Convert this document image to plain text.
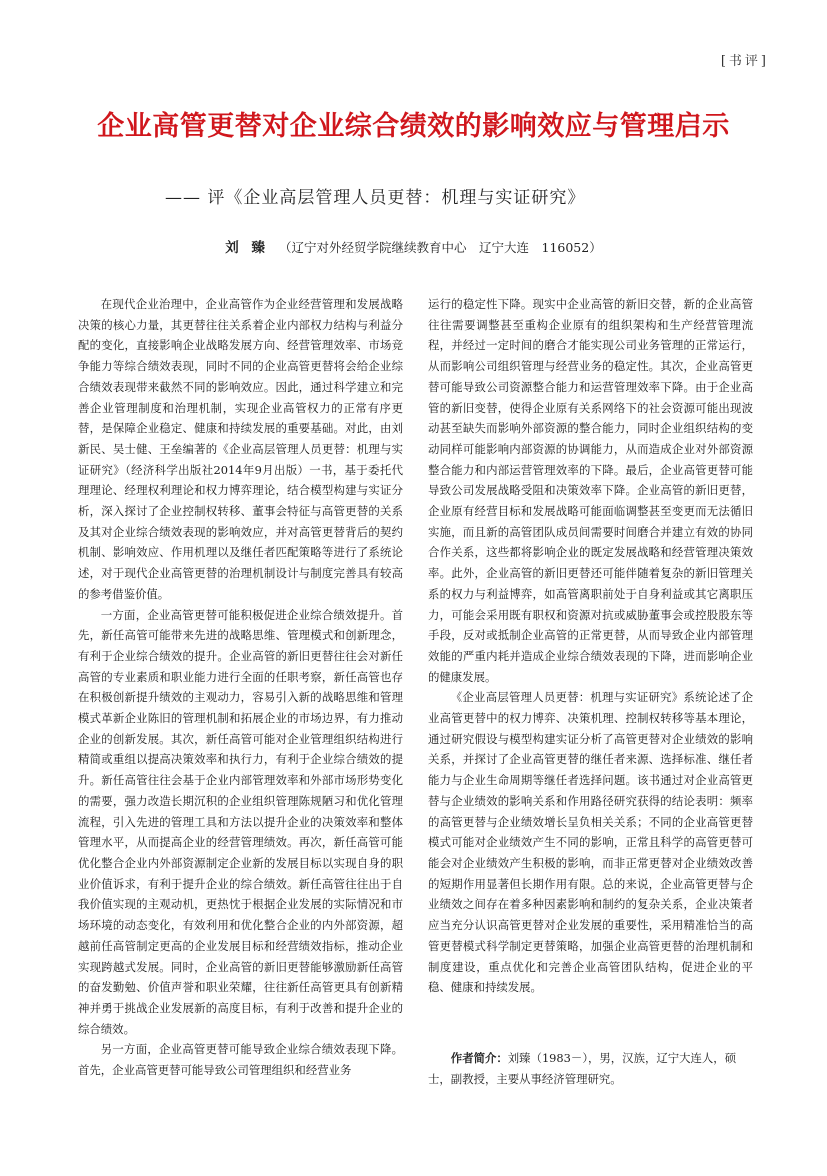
[书评]
企业高管更替对企业综合绩效的影响效应与管理启示
—— 评《企业高层管理人员更替：机理与实证研究》
刘 臻 （辽宁对外经贸学院继续教育中心　辽宁大连　116052）

在现代企业治理中，企业高管作为企业经营管理和发展战略决策的核心力量，其更替往往关系着企业内部权力结构与利益分配的变化，直接影响企业战略发展方向、经营管理效率、市场竞争能力等综合绩效表现，同时不同的企业高管更替将会给企业综合绩效表现带来截然不同的影响效应。因此，通过科学建立和完善企业管理制度和治理机制，实现企业高管权力的正常有序更替，是保障企业稳定、健康和持续发展的重要基础。对此，由刘新民、吴士健、王垒编著的《企业高层管理人员更替：机理与实证研究》（经济科学出版社2014年9月出版）一书，基于委托代理理论、经理权利理论和权力博弈理论，结合模型构建与实证分析，深入探讨了企业控制权转移、董事会特征与高管更替的关系及其对企业综合绩效表现的影响效应，并对高管更替背后的契约机制、影响效应、作用机理以及继任者匹配策略等进行了系统论述，对于现代企业高管更替的治理机制设计与制度完善具有较高的参考借鉴价值。

一方面，企业高管更替可能积极促进企业综合绩效提升。首先，新任高管可能带来先进的战略思维、管理模式和创新理念，有利于企业综合绩效的提升。企业高管的新旧更替往往会对新任高管的专业素质和职业能力进行全面的任职考察，新任高管也存在积极创新提升绩效的主观动力，容易引入新的战略思维和管理模式革新企业陈旧的管理机制和拓展企业的市场边界，有力推动企业的创新发展。其次，新任高管可能对企业管理组织结构进行精简或重组以提高决策效率和执行力，有利于企业综合绩效的提升。新任高管往往会基于企业内部管理效率和外部市场形势变化的需要，强力改造长期沉积的企业组织管理陈规陋习和优化管理流程，引入先进的管理工具和方法以提升企业的决策效率和整体管理水平，从而提高企业的经营管理绩效。再次，新任高管可能优化整合企业内外部资源制定企业新的发展目标以实现自身的职业价值诉求，有利于提升企业的综合绩效。新任高管往往出于自我价值实现的主观动机，更热忱于根据企业发展的实际情况和市场环境的动态变化，有效利用和优化整合企业的内外部资源，超越前任高管制定更高的企业发展目标和经营绩效指标，推动企业实现跨越式发展。同时，企业高管的新旧更替能够激励新任高管的奋发勤勉、价值声誉和职业荣耀，往往新任高管更具有创新精神并勇于挑战企业发展新的高度目标，有利于改善和提升企业的综合绩效。

另一方面，企业高管更替可能导致企业综合绩效表现下降。首先，企业高管更替可能导致公司管理组织和经营业务

运行的稳定性下降。现实中企业高管的新旧交替，新的企业高管往往需要调整甚至重构企业原有的组织架构和生产经营管理流程，并经过一定时间的磨合才能实现公司业务管理的正常运行，从而影响公司组织管理与经营业务的稳定性。其次，企业高管更替可能导致公司资源整合能力和运营管理效率下降。由于企业高管的新旧变替，使得企业原有关系网络下的社会资源可能出现波动甚至缺失而影响外部资源的整合能力，同时企业组织结构的变动同样可能影响内部资源的协调能力，从而造成企业对外部资源整合能力和内部运营管理效率的下降。最后，企业高管更替可能导致公司发展战略受阻和决策效率下降。企业高管的新旧更替，企业原有经营目标和发展战略可能面临调整甚至变更而无法循旧实施，而且新的高管团队成员间需要时间磨合并建立有效的协同合作关系，这些都将影响企业的既定发展战略和经营管理决策效率。此外，企业高管的新旧更替还可能伴随着复杂的新旧管理关系的权力与利益博弈，如高管离职前处于自身利益或其它离职压力，可能会采用既有职权和资源对抗或威胁董事会或控股股东等手段，反对或抵制企业高管的正常更替，从而导致企业内部管理效能的严重内耗并造成企业综合绩效表现的下降，进而影响企业的健康发展。

《企业高层管理人员更替：机理与实证研究》系统论述了企业高管更替中的权力博弈、决策机理、控制权转移等基本理论，通过研究假设与模型构建实证分析了高管更替对企业绩效的影响关系，并探讨了企业高管更替的继任者来源、选择标准、继任者能力与企业生命周期等继任者选择问题。该书通过对企业高管更替与企业绩效的影响关系和作用路径研究获得的结论表明：频率的高管更替与企业绩效增长呈负相关关系；不同的企业高管更替模式可能对企业绩效产生不同的影响，正常且科学的高管更替可能会对企业绩效产生积极的影响，而非正常更替对企业绩效改善的短期作用显著但长期作用有限。总的来说，企业高管更替与企业绩效之间存在着多种因素影响和制约的复杂关系，企业决策者应当充分认识高管更替对企业发展的重要性，采用精准恰当的高管更替模式科学制定更替策略，加强企业高管更替的治理机制和制度建设，重点优化和完善企业高管团队结构，促进企业的平稳、健康和持续发展。

作者简介：刘臻（1983－），男，汉族，辽宁大连人，硕士，副教授，主要从事经济管理研究。
